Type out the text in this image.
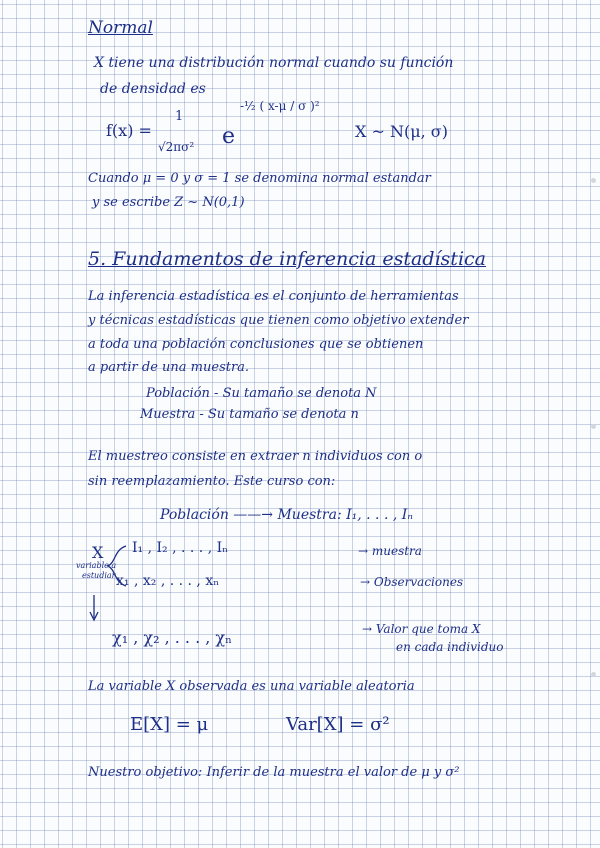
Normal
X tiene una distribución normal cuando su función
de densidad es
f(x) =
1
√2πσ² e
-½ ( x-μ / σ )²
X ~ N(μ, σ)
Cuando μ = 0 y σ = 1 se denomina normal estandar
y se escribe Z ~ N(0,1)
5. Fundamentos de inferencia estadística
La inferencia estadística es el conjunto de herramientas
y técnicas estadísticas que tienen como objetivo extender
a toda una población conclusiones que se obtienen
a partir de una muestra.
Población - Su tamaño se denota N
Muestra - Su tamaño se denota n
El muestreo consiste en extraer n individuos con o
sin reemplazamiento. Este curso con:
Población ——→ Muestra: I₁, . . . , Iₙ
X
variable a
estudiar
I₁ , I₂ , . . . , Iₙ	→ muestra
x₁ , x₂ , . . . , xₙ	→ Observaciones
χ₁ , χ₂ , . . . , χₙ	→ Valor que toma X
en cada individuo
La variable X observada es una variable aleatoria
E[X] = μ	Var[X] = σ²
Nuestro objetivo: Inferir de la muestra el valor de μ y σ²
